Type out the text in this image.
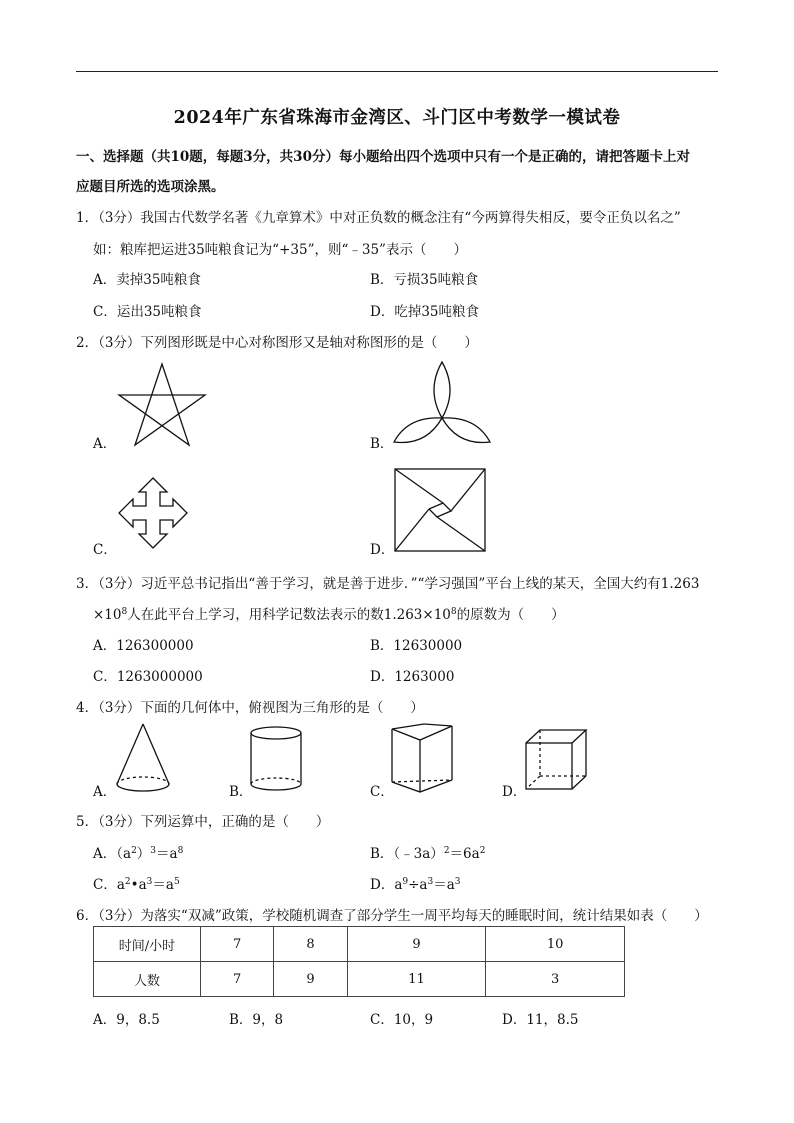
2024年广东省珠海市金湾区、斗门区中考数学一模试卷
一、选择题（共10题，每题3分，共30分）每小题给出四个选项中只有一个是正确的，请把答题卡上对
应题目所选的选项涂黑。
1．（3分）我国古代数学名著《九章算术》中对正负数的概念注有“今两算得失相反，要令正负以名之”
如：粮库把运进35吨粮食记为“+35”，则“﹣35”表示（　　）
A．卖掉35吨粮食	B．亏损35吨粮食
C．运出35吨粮食	D．吃掉35吨粮食
2．（3分）下列图形既是中心对称图形又是轴对称图形的是（　　）
A．	B．
C．	D．
3．（3分）习近平总书记指出“善于学习，就是善于进步．”“学习强国”平台上线的某天，全国大约有1.263
$\times 10^8$人在此平台上学习，用科学记数法表示的数$1.263\times 10^8$的原数为（　　）
A．126300000	B．12630000
C．1263000000	D．1263000
4．（3分）下面的几何体中，俯视图为三角形的是（　　）
A．	B．	C．	D．
5．（3分）下列运算中，正确的是（　　）
A．$(a^2)^3=a^8$	B．$(﹣3a)^2=6a^2$
C．$a^2•a^3=a^5$	D．$a^9\div a^3=a^3$
6．（3分）为落实“双减”政策，学校随机调查了部分学生一周平均每天的睡眠时间，统计结果如表（　　）
时间/小时	7	8	9	10
人数	7	9	11	3
A．9，8.5	B．9，8	C．10，9	D．11，8.5
